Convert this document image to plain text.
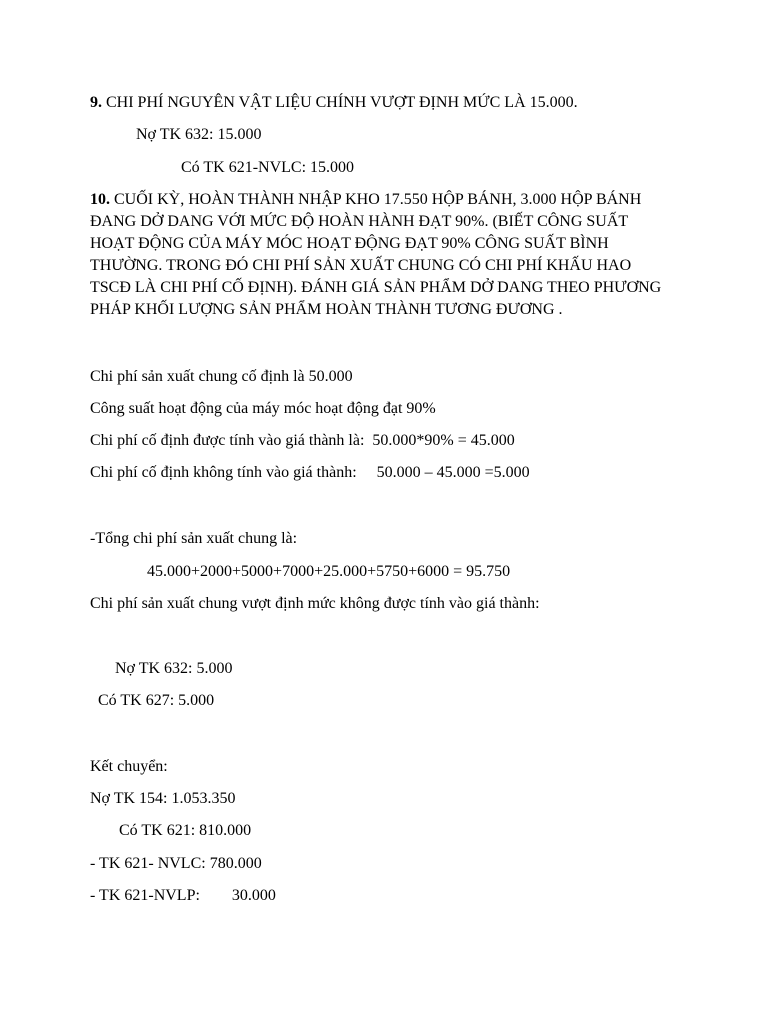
9. CHI PHÍ NGUYÊN VẬT LIỆU CHÍNH VƯỢT ĐỊNH MỨC LÀ 15.000.
Nợ TK 632: 15.000
Có TK 621-NVLC: 15.000
10. CUỐI KỲ, HOÀN THÀNH NHẬP KHO 17.550 HỘP BÁNH, 3.000 HỘP BÁNH
ĐANG DỞ DANG VỚI MỨC ĐỘ HOÀN HÀNH ĐẠT 90%. (BIẾT CÔNG SUẤT
HOẠT ĐỘNG CỦA MÁY MÓC HOẠT ĐỘNG ĐẠT 90% CÔNG SUẤT BÌNH
THƯỜNG. TRONG ĐÓ CHI PHÍ SẢN XUẤT CHUNG CÓ CHI PHÍ KHẤU HAO
TSCĐ LÀ CHI PHÍ CỐ ĐỊNH). ĐÁNH GIÁ SẢN PHẨM DỞ DANG THEO PHƯƠNG
PHÁP KHỐI LƯỢNG SẢN PHẨM HOÀN THÀNH TƯƠNG ĐƯƠNG .
Chi phí sản xuất chung cố định là 50.000
Công suất hoạt động của máy móc hoạt động đạt 90%
Chi phí cố định được tính vào giá thành là:  50.000*90% = 45.000
Chi phí cố định không tính vào giá thành:     50.000 – 45.000 =5.000
-Tổng chi phí sản xuất chung là:
45.000+2000+5000+7000+25.000+5750+6000 = 95.750
Chi phí sản xuất chung vượt định mức không được tính vào giá thành:
Nợ TK 632: 5.000
Có TK 627: 5.000
Kết chuyển:
Nợ TK 154: 1.053.350
Có TK 621: 810.000
- TK 621- NVLC: 780.000
- TK 621-NVLP:        30.000
